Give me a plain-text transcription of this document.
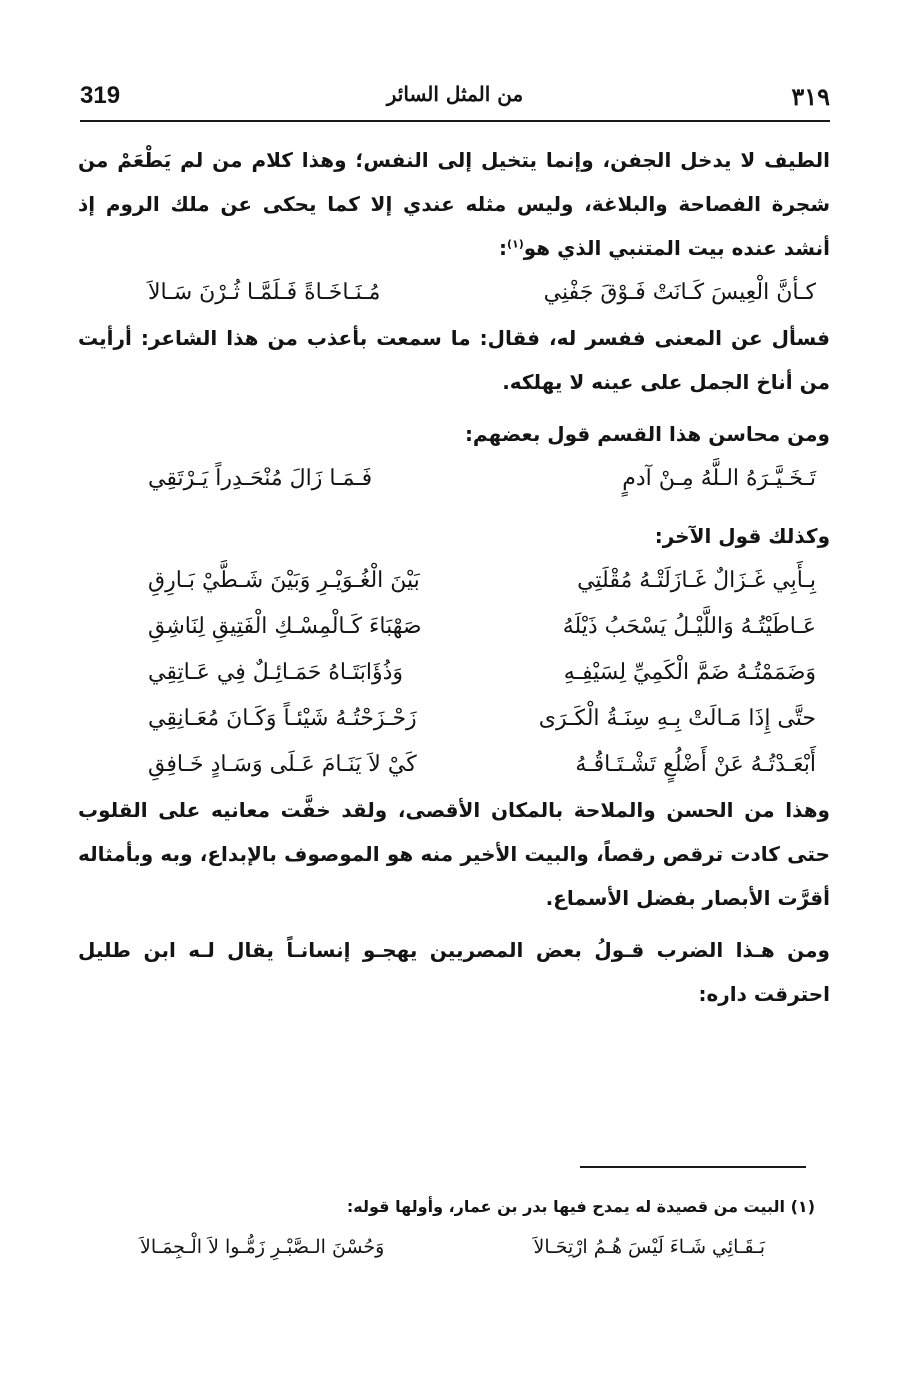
319	من المثل السائر	٣١٩

الطيف لا يدخل الجفن، وإنما يتخيل إلى النفس؛ وهذا كلام من لم يَطْعَمْ من شجرة الفصاحة والبلاغة، وليس مثله عندي إلا كما يحكى عن ملك الروم إذ أنشد عنده بيت المتنبي الذي هو$^{(١)}$:

كـأنَّ الْعِيسَ كَـانَتْ فَـوْقَ جَفْنِي
مُـنَـاخَـاةً فَـلَمَّـا ثُـرْنَ سَـالاَ

فسأل عن المعنى ففسر له، فقال: ما سمعت بأعذب من هذا الشاعر: أرأيت من أناخ الجمل على عينه لا يهلكه.

ومن محاسن هذا القسم قول بعضهم:

تَـخَـيَّـرَهُ الـلَّهُ مِـنْ آدمٍ
فَـمَـا زَالَ مُنْحَـدِراً يَـرْتَقِي

وكذلك قول الآخر:

بِـأَبِي غَـزَالٌ غَـازَلَتْـهُ مُقْلَتِي
بَيْنَ الْغُـوَيْـرِ وَبَيْنَ شَـطَّيْ بَـارِقِ
عَـاطَيْتُـهُ وَاللَّيْـلُ يَسْحَبُ ذَيْلَهُ
صَهْبَاءَ كَـالْمِسْـكِ الْفَتِيقِ لِنَاشِقِ
وَضَمَمْتُـهُ ضَمَّ الْكَمِيِّ لِسَيْفِـهِ
وَذُؤَابَتَـاهُ حَمَـائِـلٌ فِي عَـاتِقِي
حتَّى إِذَا مَـالَتْ بِـهِ سِنَـةُ الْكَـرَى
زَحْـزَحْتُـهُ شَيْئـاً وَكَـانَ مُعَـانِقِي
أَبْعَـدْتُـهُ عَنْ أَضْلُعٍ تَشْـتَـاقُـهُ
كَيْ لاَ يَنَـامَ عَـلَى وَسَـادٍ خَـافِقِ

وهذا من الحسن والملاحة بالمكان الأقصى، ولقد خفَّت معانيه على القلوب حتى كادت ترقص رقصاً، والبيت الأخير منه هو الموصوف بالإبداع، وبه وبأمثاله أقرَّت الأبصار بفضل الأسماع.

ومن هـذا الضرب قـولُ بعض المصريين يهجـو إنسانـاً يقال لـه ابن طليل احترقت داره:

(١) البيت من قصيدة له يمدح فيها بدر بن عمار، وأولها قوله:
بَـقَـائِي شَـاءَ لَيْسَ هُـمُ ارْتِحَـالاَ
وَحُسْنَ الـصَّبْـرِ زَمُّـوا لاَ الْـجِمَـالاَ
